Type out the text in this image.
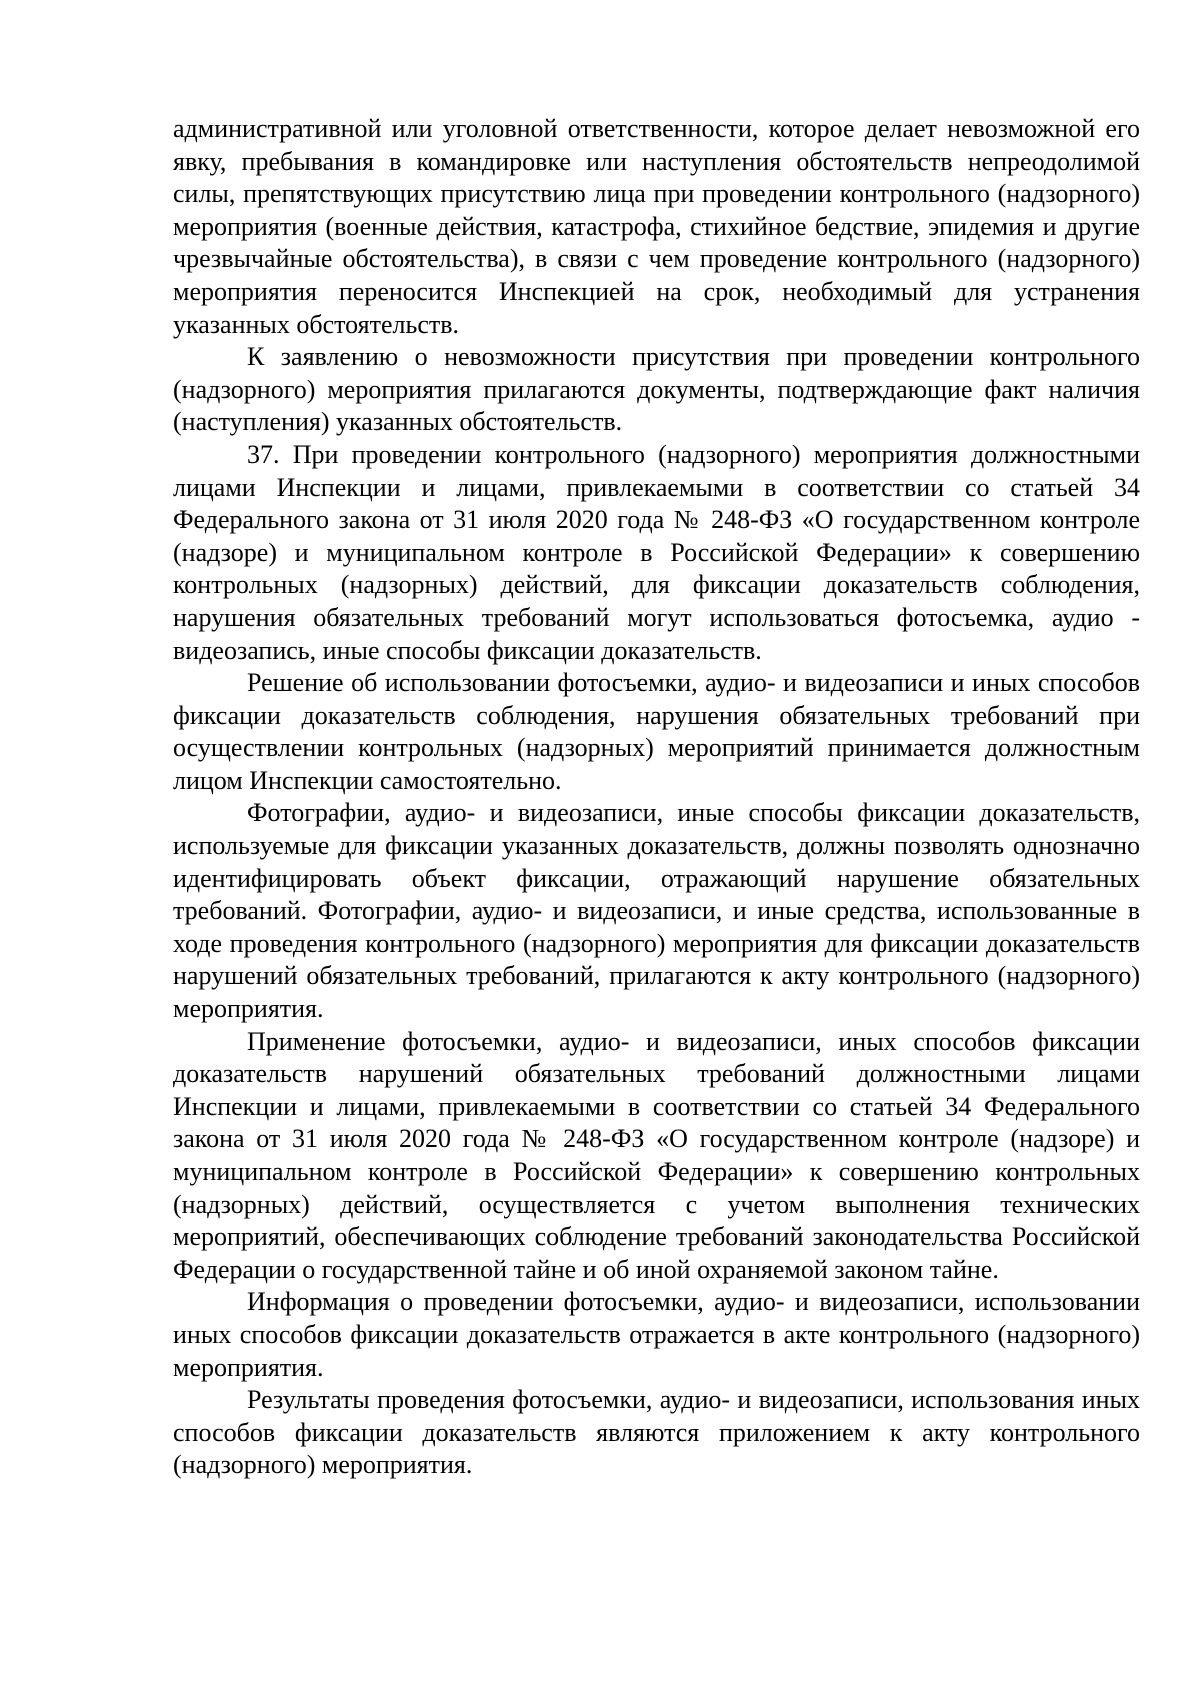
административной или уголовной ответственности, которое делает невозможной его явку, пребывания в командировке или наступления обстоятельств непреодолимой силы, препятствующих присутствию лица при проведении контрольного (надзорного) мероприятия (военные действия, катастрофа, стихийное бедствие, эпидемия и другие чрезвычайные обстоятельства), в связи с чем проведение контрольного (надзорного) мероприятия переносится Инспекцией на срок, необходимый для устранения указанных обстоятельств.

К заявлению о невозможности присутствия при проведении контрольного (надзорного) мероприятия прилагаются документы, подтверждающие факт наличия (наступления) указанных обстоятельств.

37. При проведении контрольного (надзорного) мероприятия должностными лицами Инспекции и лицами, привлекаемыми в соответствии со статьей 34 Федерального закона от 31 июля 2020 года № 248-ФЗ «О государственном контроле (надзоре) и муниципальном контроле в Российской Федерации» к совершению контрольных (надзорных) действий, для фиксации доказательств соблюдения, нарушения обязательных требований могут использоваться фотосъемка, аудио - видеозапись, иные способы фиксации доказательств.

Решение об использовании фотосъемки, аудио- и видеозаписи и иных способов фиксации доказательств соблюдения, нарушения обязательных требований при осуществлении контрольных (надзорных) мероприятий принимается должностным лицом Инспекции самостоятельно.

Фотографии, аудио- и видеозаписи, иные способы фиксации доказательств, используемые для фиксации указанных доказательств, должны позволять однозначно идентифицировать объект фиксации, отражающий нарушение обязательных требований. Фотографии, аудио- и видеозаписи, и иные средства, использованные в ходе проведения контрольного (надзорного) мероприятия для фиксации доказательств нарушений обязательных требований, прилагаются к акту контрольного (надзорного) мероприятия.

Применение фотосъемки, аудио- и видеозаписи, иных способов фиксации доказательств нарушений обязательных требований должностными лицами Инспекции и лицами, привлекаемыми в соответствии со статьей 34 Федерального закона от 31 июля 2020 года № 248-ФЗ «О государственном контроле (надзоре) и муниципальном контроле в Российской Федерации» к совершению контрольных (надзорных) действий, осуществляется с учетом выполнения технических мероприятий, обеспечивающих соблюдение требований законодательства Российской Федерации о государственной тайне и об иной охраняемой законом тайне.

Информация о проведении фотосъемки, аудио- и видеозаписи, использовании иных способов фиксации доказательств отражается в акте контрольного (надзорного) мероприятия.

Результаты проведения фотосъемки, аудио- и видеозаписи, использования иных способов фиксации доказательств являются приложением к акту контрольного (надзорного) мероприятия.
